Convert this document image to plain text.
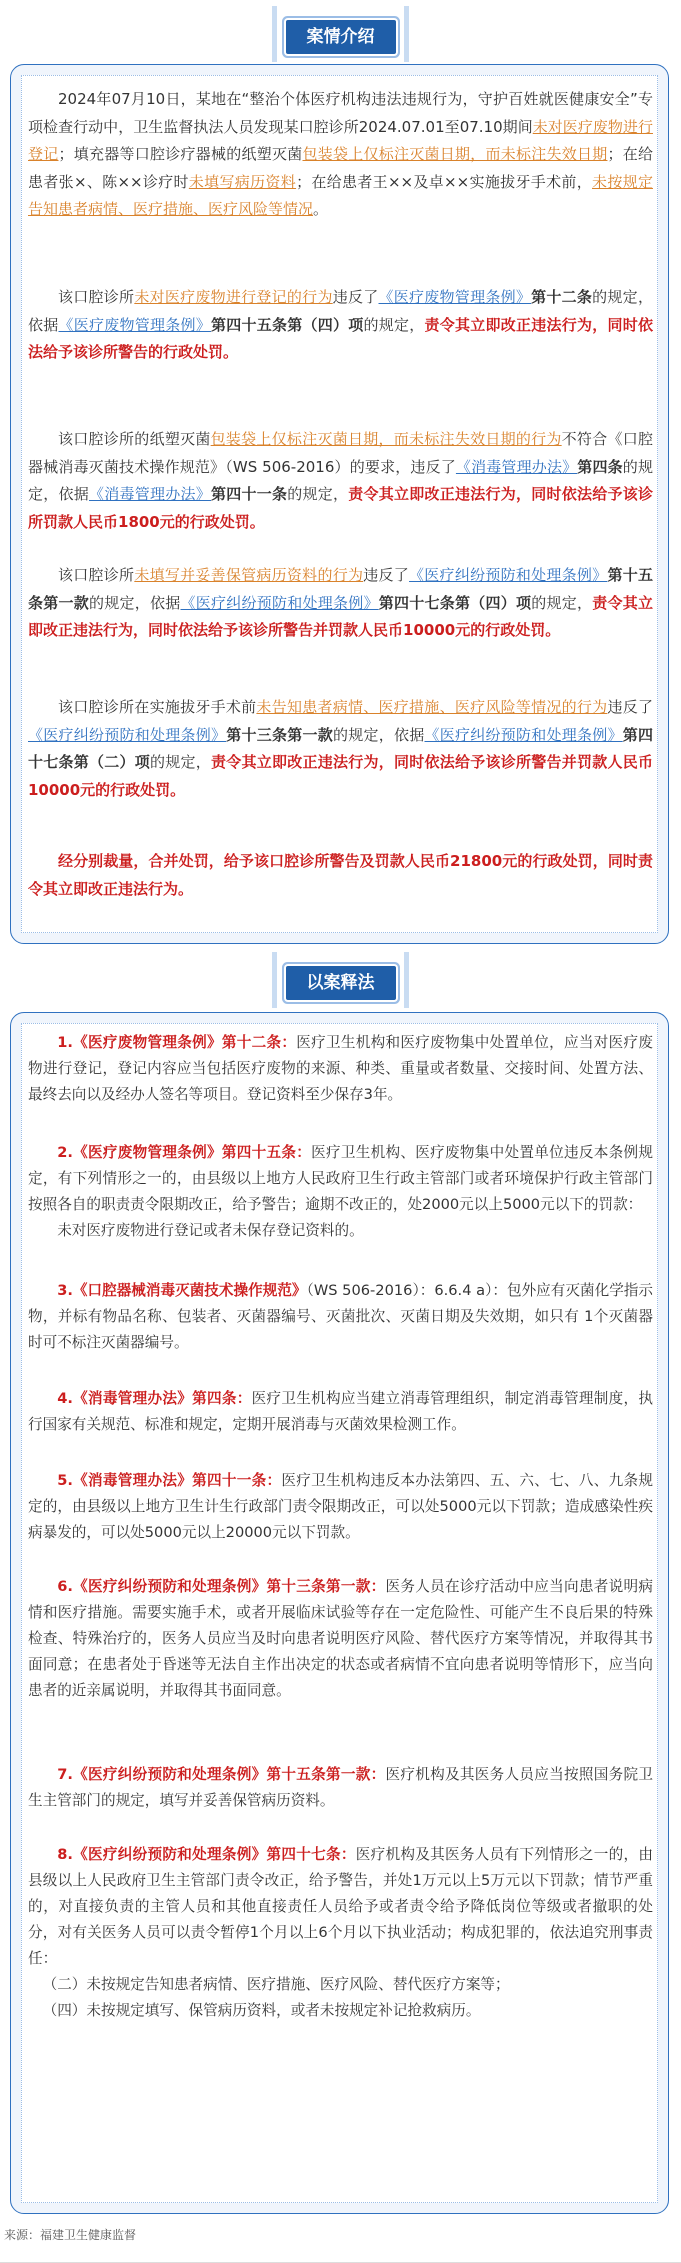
案情介绍
2024年07月10日，某地在“整治个体医疗机构违法违规行为，守护百姓就医健康安全”专项检查行动中，卫生监督执法人员发现某口腔诊所2024.07.01至07.10期间未对医疗废物进行登记；填充器等口腔诊疗器械的纸塑灭菌包装袋上仅标注灭菌日期，而未标注失效日期；在给患者张×、陈××诊疗时未填写病历资料；在给患者王××及卓××实施拔牙手术前，未按规定告知患者病情、医疗措施、医疗风险等情况。
该口腔诊所未对医疗废物进行登记的行为违反了《医疗废物管理条例》第十二条的规定，依据《医疗废物管理条例》第四十五条第（四）项的规定，责令其立即改正违法行为，同时依法给予该诊所警告的行政处罚。
该口腔诊所的纸塑灭菌包装袋上仅标注灭菌日期，而未标注失效日期的行为不符合《口腔器械消毒灭菌技术操作规范》（WS 506-2016）的要求，违反了《消毒管理办法》第四条的规定，依据《消毒管理办法》第四十一条的规定，责令其立即改正违法行为，同时依法给予该诊所罚款人民币1800元的行政处罚。
该口腔诊所未填写并妥善保管病历资料的行为违反了《医疗纠纷预防和处理条例》第十五条第一款的规定，依据《医疗纠纷预防和处理条例》第四十七条第（四）项的规定，责令其立即改正违法行为，同时依法给予该诊所警告并罚款人民币10000元的行政处罚。
该口腔诊所在实施拔牙手术前未告知患者病情、医疗措施、医疗风险等情况的行为违反了《医疗纠纷预防和处理条例》第十三条第一款的规定，依据《医疗纠纷预防和处理条例》第四十七条第（二）项的规定，责令其立即改正违法行为，同时依法给予该诊所警告并罚款人民币10000元的行政处罚。
经分别裁量，合并处罚，给予该口腔诊所警告及罚款人民币21800元的行政处罚，同时责令其立即改正违法行为。
以案释法
1.《医疗废物管理条例》第十二条：医疗卫生机构和医疗废物集中处置单位，应当对医疗废物进行登记，登记内容应当包括医疗废物的来源、种类、重量或者数量、交接时间、处置方法、最终去向以及经办人签名等项目。登记资料至少保存3年。
2.《医疗废物管理条例》第四十五条：医疗卫生机构、医疗废物集中处置单位违反本条例规定，有下列情形之一的，由县级以上地方人民政府卫生行政主管部门或者环境保护行政主管部门按照各自的职责责令限期改正，给予警告；逾期不改正的，处2000元以上5000元以下的罚款：
未对医疗废物进行登记或者未保存登记资料的。
3.《口腔器械消毒灭菌技术操作规范》（WS 506-2016）：6.6.4 a）：包外应有灭菌化学指示物，并标有物品名称、包装者、灭菌器编号、灭菌批次、灭菌日期及失效期，如只有 1个灭菌器时可不标注灭菌器编号。
4.《消毒管理办法》第四条：医疗卫生机构应当建立消毒管理组织，制定消毒管理制度，执行国家有关规范、标准和规定，定期开展消毒与灭菌效果检测工作。
5.《消毒管理办法》第四十一条：医疗卫生机构违反本办法第四、五、六、七、八、九条规定的，由县级以上地方卫生计生行政部门责令限期改正，可以处5000元以下罚款；造成感染性疾病暴发的，可以处5000元以上20000元以下罚款。
6.《医疗纠纷预防和处理条例》第十三条第一款：医务人员在诊疗活动中应当向患者说明病情和医疗措施。需要实施手术，或者开展临床试验等存在一定危险性、可能产生不良后果的特殊检查、特殊治疗的，医务人员应当及时向患者说明医疗风险、替代医疗方案等情况，并取得其书面同意；在患者处于昏迷等无法自主作出决定的状态或者病情不宜向患者说明等情形下，应当向患者的近亲属说明，并取得其书面同意。
7.《医疗纠纷预防和处理条例》第十五条第一款：医疗机构及其医务人员应当按照国务院卫生主管部门的规定，填写并妥善保管病历资料。
8.《医疗纠纷预防和处理条例》第四十七条：医疗机构及其医务人员有下列情形之一的，由县级以上人民政府卫生主管部门责令改正，给予警告，并处1万元以上5万元以下罚款；情节严重的，对直接负责的主管人员和其他直接责任人员给予或者责令给予降低岗位等级或者撤职的处分，对有关医务人员可以责令暂停1个月以上6个月以下执业活动；构成犯罪的，依法追究刑事责任：
（二）未按规定告知患者病情、医疗措施、医疗风险、替代医疗方案等；
（四）未按规定填写、保管病历资料，或者未按规定补记抢救病历。
来源：福建卫生健康监督
